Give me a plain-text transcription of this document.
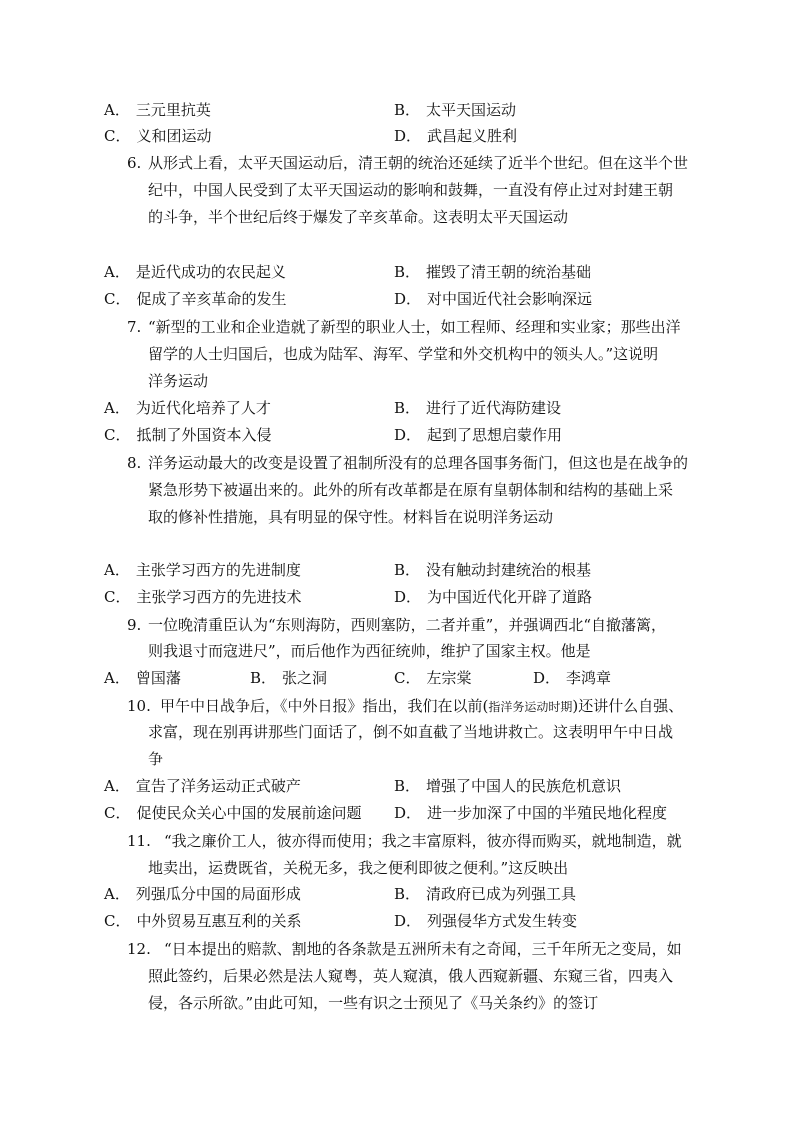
A． 三元里抗英	B． 太平天国运动
C． 义和团运动	D． 武昌起义胜利
6. 从形式上看，太平天国运动后，清王朝的统治还延续了近半个世纪。但在这半个世
纪中，中国人民受到了太平天国运动的影响和鼓舞，一直没有停止过对封建王朝
的斗争，半个世纪后终于爆发了辛亥革命。这表明太平天国运动
A． 是近代成功的农民起义	B． 摧毁了清王朝的统治基础
C． 促成了辛亥革命的发生	D． 对中国近代社会影响深远
7. “新型的工业和企业造就了新型的职业人士，如工程师、经理和实业家；那些出洋
留学的人士归国后，也成为陆军、海军、学堂和外交机构中的领头人。”这说明
洋务运动
A． 为近代化培养了人才	B． 进行了近代海防建设
C． 抵制了外国资本入侵	D． 起到了思想启蒙作用
8. 洋务运动最大的改变是设置了祖制所没有的总理各国事务衙门，但这也是在战争的
紧急形势下被逼出来的。此外的所有改革都是在原有皇朝体制和结构的基础上采
取的修补性措施，具有明显的保守性。材料旨在说明洋务运动
A． 主张学习西方的先进制度	B． 没有触动封建统治的根基
C． 主张学习西方的先进技术	D． 为中国近代化开辟了道路
9. 一位晚清重臣认为“东则海防，西则塞防，二者并重”，并强调西北“自撤藩篱，
则我退寸而寇进尺”，而后他作为西征统帅，维护了国家主权。他是
A． 曾国藩	B． 张之洞	C． 左宗棠	D． 李鸿章
10. 甲午中日战争后，《中外日报》指出，我们在以前(指洋务运动时期)还讲什么自强、
求富，现在别再讲那些门面话了，倒不如直截了当地讲救亡。这表明甲午中日战
争
A． 宣告了洋务运动正式破产	B． 增强了中国人的民族危机意识
C． 促使民众关心中国的发展前途问题 D． 进一步加深了中国的半殖民地化程度
11. “我之廉价工人，彼亦得而使用；我之丰富原料，彼亦得而购买，就地制造，就
地卖出，运费既省，关税无多，我之便利即彼之便利。”这反映出
A． 列强瓜分中国的局面形成	B． 清政府已成为列强工具
C． 中外贸易互惠互利的关系	D． 列强侵华方式发生转变
12. “日本提出的赔款、割地的各条款是五洲所未有之奇闻，三千年所无之变局，如
照此签约，后果必然是法人窥粤，英人窥滇，俄人西窥新疆、东窥三省，四夷入
侵，各示所欲。”由此可知，一些有识之士预见了《马关条约》的签订
